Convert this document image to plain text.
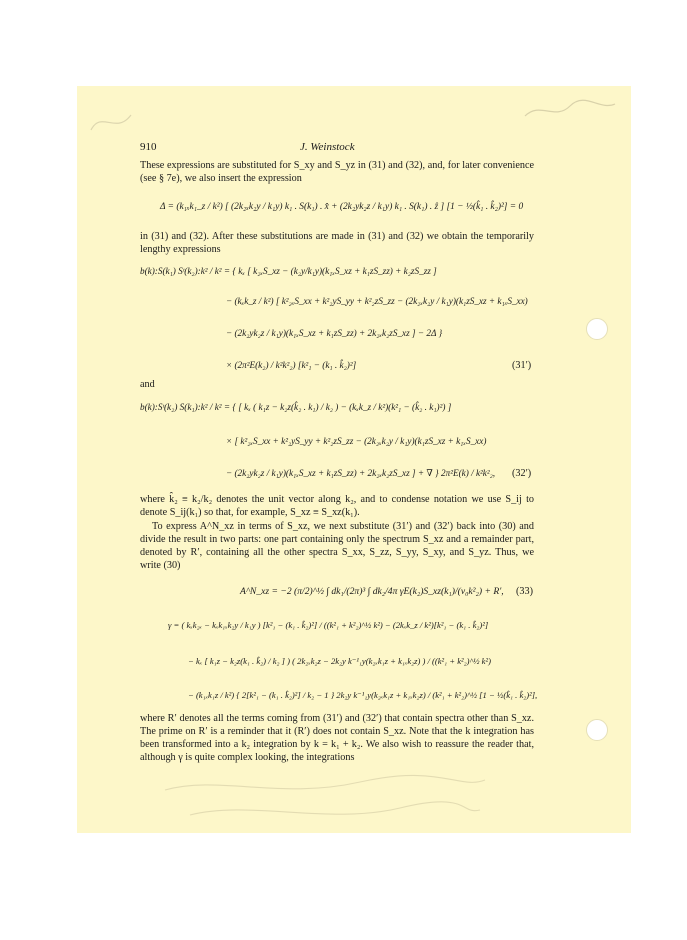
910	J. Weinstock
These expressions are substituted for S_xy and S_yz in (31) and (32), and, for later convenience (see § 7e), we also insert the expression
Δ = (k₁ₓk₁_z / k²) [ (2k₂ₓk₂y / k₁y) k₁ . S(k₁) . x̂ + (2k₂yk₂z / k₁y) k₁ . S(k₁) . ẑ ] [1 − ½(k̂₁ . k̂₂)²] = 0
in (31) and (32). After these substitutions are made in (31) and (32) we obtain the temporarily lengthy expressions
b(k):S(k₁) Sᵗ(k₂):k² / k² = { kₓ [ k₂ₓS_xz − (k₂y/k₁y)(k₁ₓS_xz + k₁zS_zz) + k₂zS_zz ]
− (kₓk_z / k²) [ k²₂ₓS_xx + k²₂yS_yy + k²₂zS_zz − (2k₂ₓk₂y / k₁y)(k₁zS_xz + k₁ₓS_xx)
− (2k₂yk₂z / k₁y)(k₁ₓS_xz + k₁zS_zz) + 2k₂ₓk₂zS_xz ] − 2Δ }
× (2π²E(k₂) / k²k²₂) [k²₁ − (k₁ . k̂₂)²]	(31′)
and
b(k):Sᵗ(k₂) S(k₁):k² / k² = { [ kₓ ( k₁z − k₂z(k̂₂ . k₁) / k₂ ) − (kₓk_z / k²)(k²₁ − (k̂₂ . k₁)²) ]
× [ k²₂ₓS_xx + k²₂yS_yy + k²₂zS_zz − (2k₂ₓk₂y / k₁y)(k₁zS_xz + k₁ₓS_xx)
− (2k₂yk₂z / k₁y)(k₁ₓS_xz + k₁zS_zz) + 2k₂ₓk₂zS_xz ] + ∇ } 2π²E(k) / k²k²₂, (32′)
where k̂₂ ≡ k₂/k₂ denotes the unit vector along k₂, and to condense notation we use S_ij to denote S_ij(k₁) so that, for example, S_xz ≡ S_xz(k₁).
To express A^N_xz in terms of S_xz, we next substitute (31′) and (32′) back into (30) and divide the result in two parts: one part containing only the spectrum S_xz and a remainder part, denoted by R′, containing all the other spectra S_xx, S_zz, S_yy, S_xy, and S_yz. Thus, we write (30)
A^N_xz = −2 (π/2)^½ ∫ dk₁/(2π)³ ∫ dk₂/4π γE(k₂)S_xz(k₁)/(v₀k²₂) + R′, (33)
γ = ( kₓk₂ₓ − kₓk₁ₓk₂y / k₁y ) [k²₁ − (k₁ . k̂₂)²] / ((k²₁ + k²₂)^½ k²) − (2kₓk_z / k²)[k²₁ − (k₁ . k̂₂)²]
− kₓ [ k₁z − k₂z(k₁ . k̂₂) / k₂ ] ) ( 2k₂ₓk₂z − 2k₂y k⁻¹₁y(k₂ₓk₁z + k₁ₓk₂z) ) / ((k²₁ + k²₂)^½ k²)
− (k₁ₓk₁z / k²) { 2[k²₁ − (k₁ . k̂₂)²] / k₂ − 1 } 2k₂y k⁻¹₁y(k₂ₓk₁z + k₁ₓk₂z) / (k²₁ + k²₂)^½ [1 − ½(k̂₁ . k̂₂)²],
where R′ denotes all the terms coming from (31′) and (32′) that contain spectra other than S_xz. The prime on R′ is a reminder that it (R′) does not contain S_xz. Note that the k integration has been transformed into a k₂ integration by k = k₁ + k₂. We also wish to reassure the reader that, although γ is quite complex looking, the integrations
